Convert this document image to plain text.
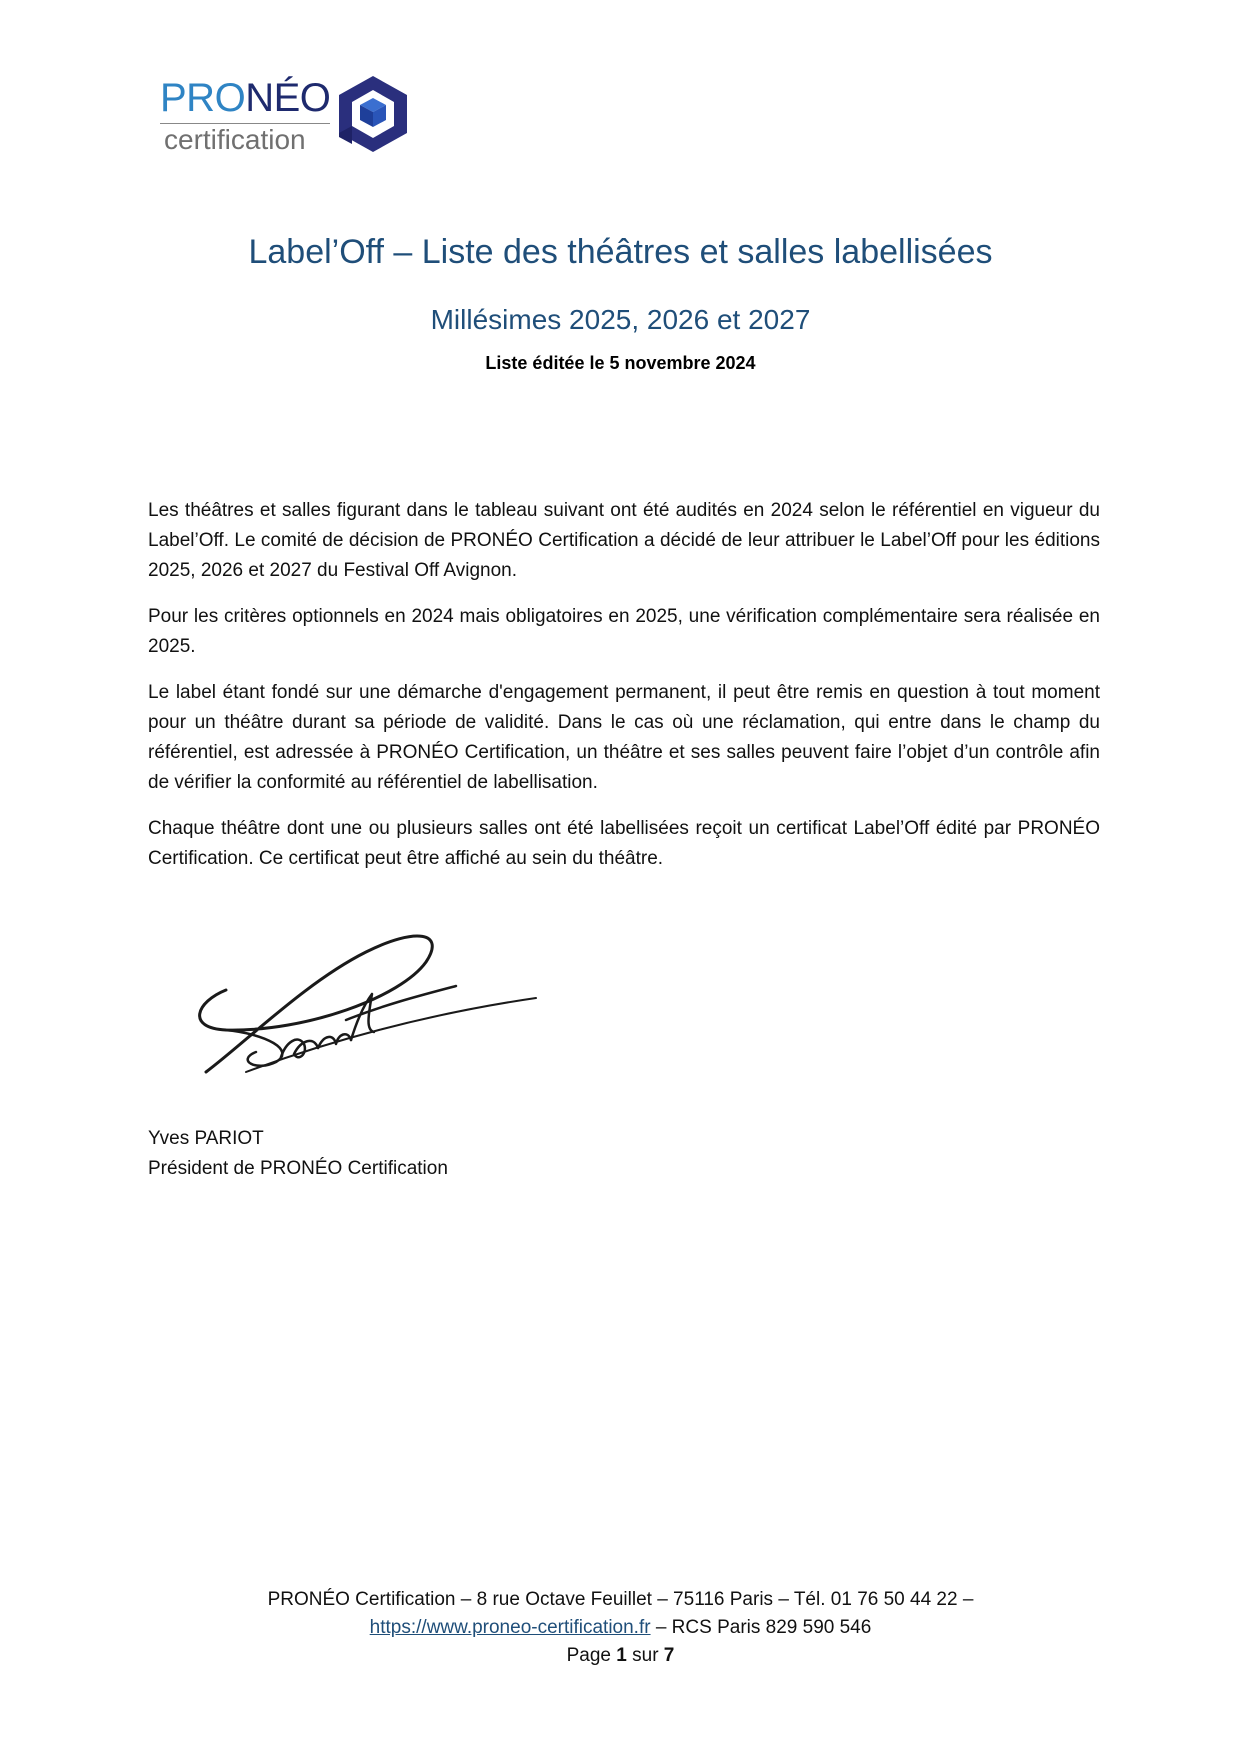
PRONÉO
certification
Label’Off – Liste des théâtres et salles labellisées
Millésimes 2025, 2026 et 2027
Liste éditée le 5 novembre 2024

Les théâtres et salles figurant dans le tableau suivant ont été audités en 2024 selon le référentiel en vigueur du Label’Off. Le comité de décision de PRONÉO Certification a décidé de leur attribuer le Label’Off pour les éditions 2025, 2026 et 2027 du Festival Off Avignon.

Pour les critères optionnels en 2024 mais obligatoires en 2025, une vérification complémentaire sera réalisée en 2025.

Le label étant fondé sur une démarche d'engagement permanent, il peut être remis en question à tout moment pour un théâtre durant sa période de validité. Dans le cas où une réclamation, qui entre dans le champ du référentiel, est adressée à PRONÉO Certification, un théâtre et ses salles peuvent faire l’objet d’un contrôle afin de vérifier la conformité au référentiel de labellisation.

Chaque théâtre dont une ou plusieurs salles ont été labellisées reçoit un certificat Label’Off édité par PRONÉO Certification. Ce certificat peut être affiché au sein du théâtre.

Yves PARIOT
Président de PRONÉO Certification
PRONÉO Certification – 8 rue Octave Feuillet – 75116 Paris – Tél. 01 76 50 44 22 –
https://www.proneo-certification.fr – RCS Paris 829 590 546
Page 1 sur 7
